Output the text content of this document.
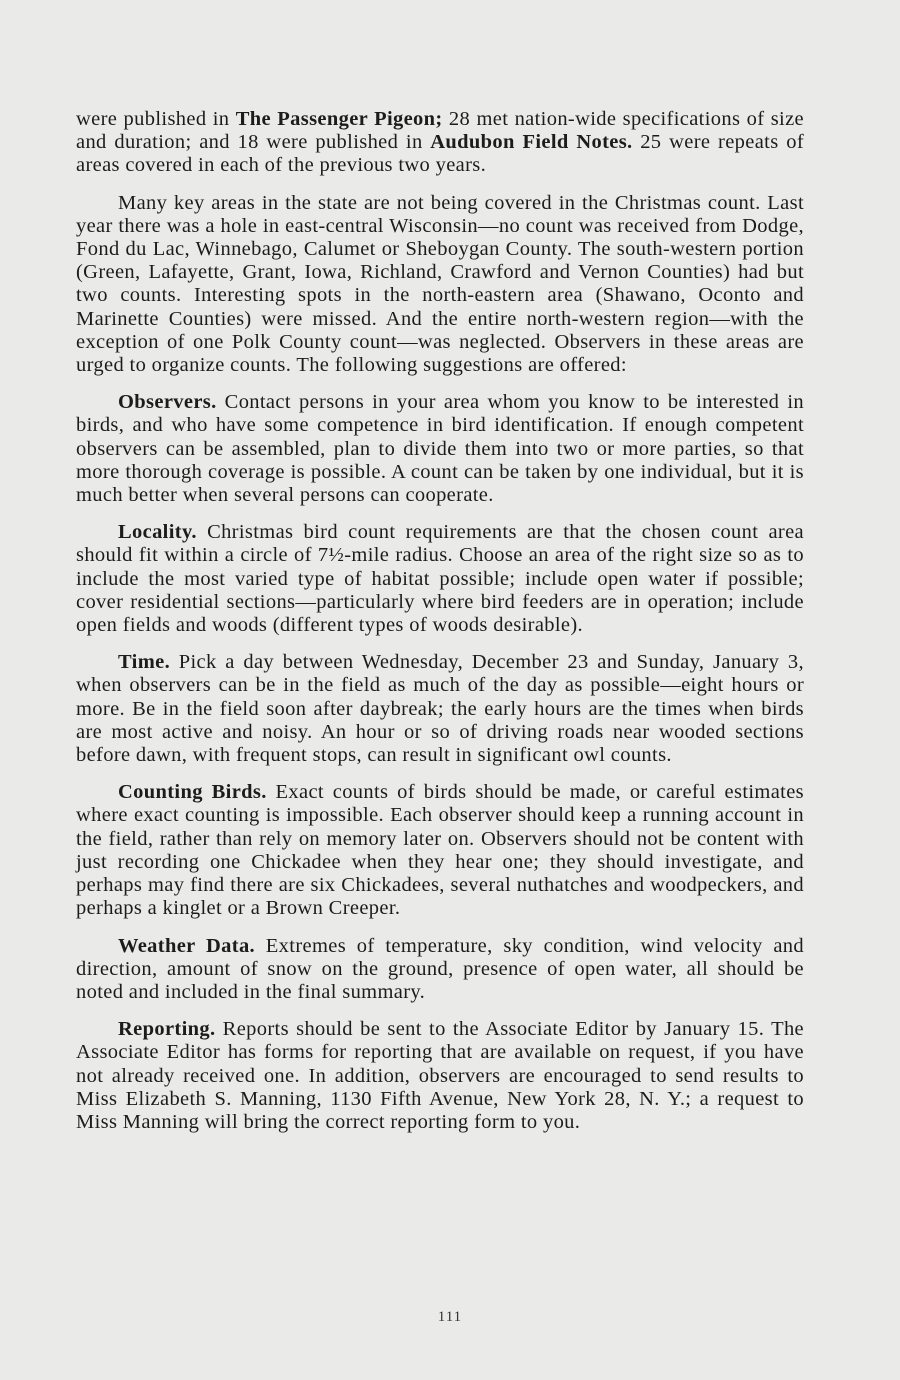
were published in The Passenger Pigeon; 28 met nation-wide specifications of size and duration; and 18 were published in Audubon Field Notes. 25 were repeats of areas covered in each of the previous two years.

Many key areas in the state are not being covered in the Christmas count. Last year there was a hole in east-central Wisconsin—no count was received from Dodge, Fond du Lac, Winnebago, Calumet or Sheboygan County. The south-western portion (Green, Lafayette, Grant, Iowa, Richland, Crawford and Vernon Counties) had but two counts. Interesting spots in the north-eastern area (Shawano, Oconto and Marinette Counties) were missed. And the entire north-western region—with the exception of one Polk County count—was neglected. Observers in these areas are urged to organize counts. The following suggestions are offered:

Observers. Contact persons in your area whom you know to be interested in birds, and who have some competence in bird identification. If enough competent observers can be assembled, plan to divide them into two or more parties, so that more thorough coverage is possible. A count can be taken by one individual, but it is much better when several persons can cooperate.

Locality. Christmas bird count requirements are that the chosen count area should fit within a circle of 7½-mile radius. Choose an area of the right size so as to include the most varied type of habitat possible; include open water if possible; cover residential sections—particularly where bird feeders are in operation; include open fields and woods (different types of woods desirable).

Time. Pick a day between Wednesday, December 23 and Sunday, January 3, when observers can be in the field as much of the day as possible—eight hours or more. Be in the field soon after daybreak; the early hours are the times when birds are most active and noisy. An hour or so of driving roads near wooded sections before dawn, with frequent stops, can result in significant owl counts.

Counting Birds. Exact counts of birds should be made, or careful estimates where exact counting is impossible. Each observer should keep a running account in the field, rather than rely on memory later on. Observers should not be content with just recording one Chickadee when they hear one; they should investigate, and perhaps may find there are six Chickadees, several nuthatches and woodpeckers, and perhaps a kinglet or a Brown Creeper.

Weather Data. Extremes of temperature, sky condition, wind velocity and direction, amount of snow on the ground, presence of open water, all should be noted and included in the final summary.

Reporting. Reports should be sent to the Associate Editor by January 15. The Associate Editor has forms for reporting that are available on request, if you have not already received one. In addition, observers are encouraged to send results to Miss Elizabeth S. Manning, 1130 Fifth Avenue, New York 28, N. Y.; a request to Miss Manning will bring the correct reporting form to you.

111
